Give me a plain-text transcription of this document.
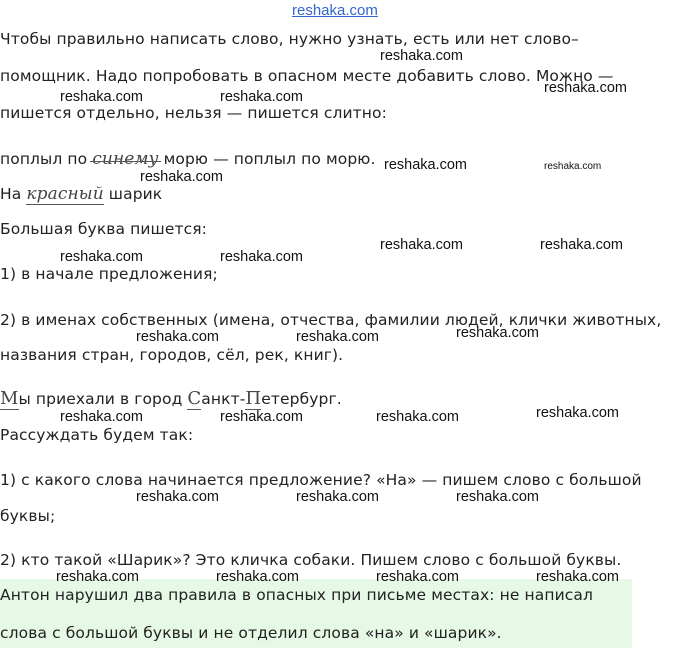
reshaka.com
Чтобы правильно написать слово, нужно узнать, есть или нет слово–
помощник. Надо попробовать в опасном месте добавить слово. Можно —
пишется отдельно, нельзя — пишется слитно:
поплыл по синему морю — поплыл по морю.
На красный шарик
Большая буква пишется:
1) в начале предложения;
2) в именах собственных (имена, отчества, фамилии людей, клички животных,
названия стран, городов, сёл, рек, книг).
Мы приехали в город Санкт-Петербург.
Рассуждать будем так:
1) с какого слова начинается предложение? «На» — пишем слово с большой
буквы;
2) кто такой «Шарик»? Это кличка собаки. Пишем слово с большой буквы.
Антон нарушил два правила в опасных при письме местах: не написал
слова с большой буквы и не отделил слова «на» и «шарик».
reshaka.com
reshaka.com
reshaka.com	reshaka.com
reshaka.com	reshaka.com
reshaka.com
reshaka.com	reshaka.com
reshaka.com	reshaka.com
reshaka.com
reshaka.com	reshaka.com
reshaka.com
reshaka.com	reshaka.com	reshaka.com
reshaka.com	reshaka.com	reshaka.com
reshaka.com	reshaka.com	reshaka.com	reshaka.com
